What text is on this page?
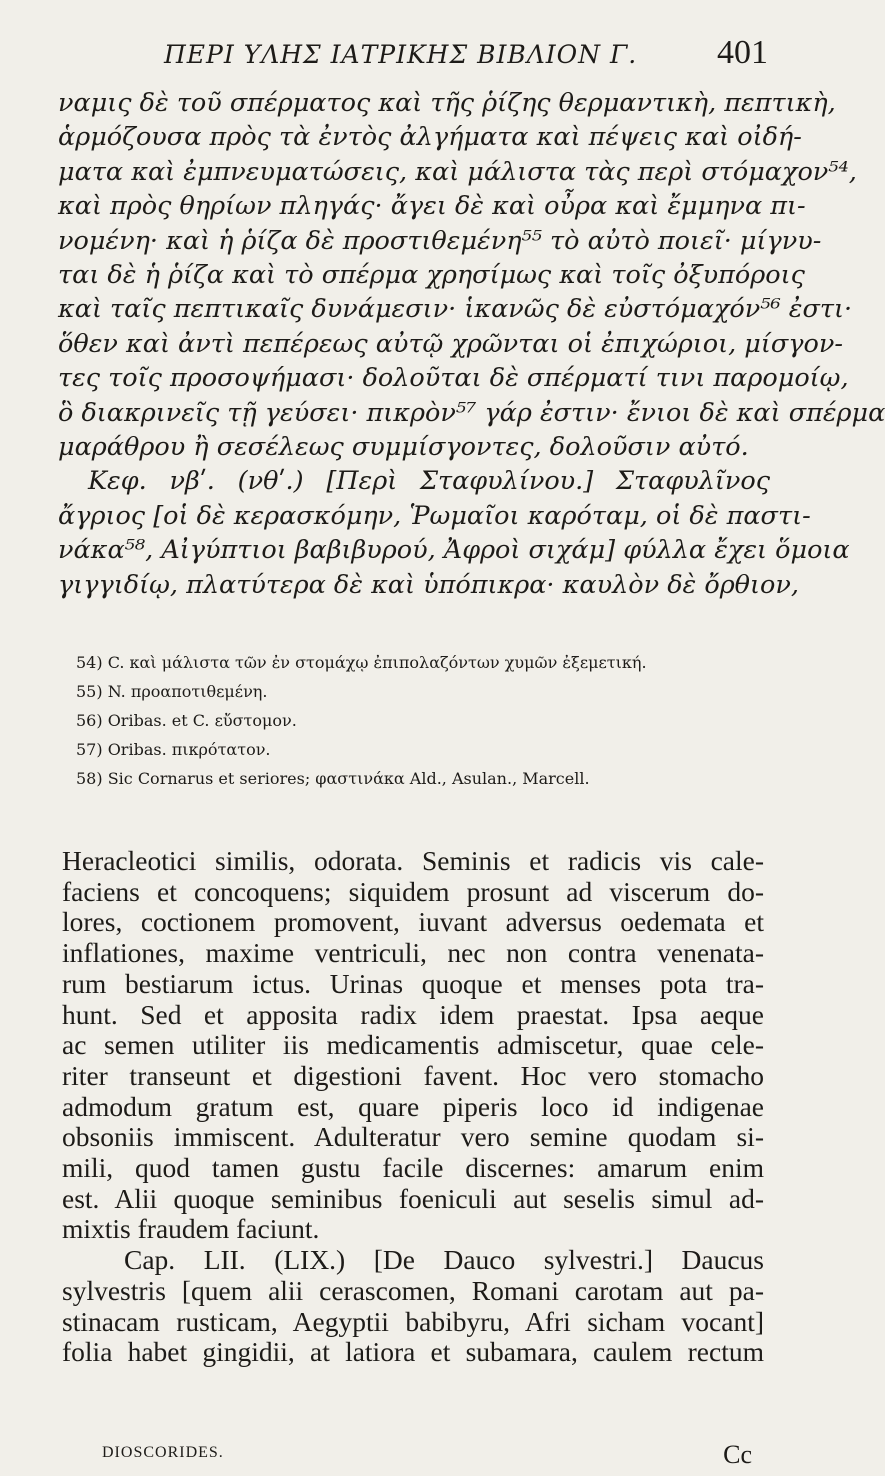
ΠΕΡΙ ΥΛΗΣ ΙΑΤΡΙΚΗΣ ΒΙΒΛΙΟΝ Γ. 401
ναμις δὲ τοῦ σπέρματος καὶ τῆς ῥίζης θερμαντικὴ, πεπτικὴ,
ἁρμόζουσα πρὸς τὰ ἐντὸς ἀλγήματα καὶ πέψεις καὶ οἰδή-
ματα καὶ ἐμπνευματώσεις, καὶ μάλιστα τὰς περὶ στόμαχον⁵⁴,
καὶ πρὸς θηρίων πληγάς· ἄγει δὲ καὶ οὖρα καὶ ἔμμηνα πι-
νομένη· καὶ ἡ ῥίζα δὲ προστιθεμένη⁵⁵ τὸ αὐτὸ ποιεῖ· μίγνυ-
ται δὲ ἡ ῥίζα καὶ τὸ σπέρμα χρησίμως καὶ τοῖς ὀξυπόροις
καὶ ταῖς πεπτικαῖς δυνάμεσιν· ἱκανῶς δὲ εὐστόμαχόν⁵⁶ ἐστι·
ὅθεν καὶ ἀντὶ πεπέρεως αὐτῷ χρῶνται οἱ ἐπιχώριοι, μίσγον-
τες τοῖς προσοψήμασι· δολοῦται δὲ σπέρματί τινι παρομοίῳ,
ὃ διακρινεῖς τῇ γεύσει· πικρὸν⁵⁷ γάρ ἐστιν· ἔνιοι δὲ καὶ σπέρμα
μαράθρου ἢ σεσέλεως συμμίσγοντες, δολοῦσιν αὐτό.
Κεφ. νβʹ. (νθʹ.) [Περὶ Σταφυλίνου.] Σταφυλῖνος
ἄγριος [οἱ δὲ κερασκόμην, Ῥωμαῖοι καρόταμ, οἱ δὲ παστι-
νάκα⁵⁸, Αἰγύπτιοι βαβιβυρού, Ἀφροὶ σιχάμ] φύλλα ἔχει ὅμοια
γιγγιδίῳ, πλατύτερα δὲ καὶ ὑπόπικρα· καυλὸν δὲ ὄρθιον,
54) C. καὶ μάλιστα τῶν ἐν στομάχῳ ἐπιπολαζόντων χυμῶν ἐξεμετική.
55) N. προαποτιθεμένη.
56) Oribas. et C. εὔστομον.
57) Oribas. πικρότατον.
58) Sic Cornarus et seriores; φαστινάκα Ald., Asulan., Marcell.
Heracleotici similis, odorata. Seminis et radicis vis cale-
faciens et concoquens; siquidem prosunt ad viscerum do-
lores, coctionem promovent, iuvant adversus oedemata et
inflationes, maxime ventriculi, nec non contra venenata-
rum bestiarum ictus. Urinas quoque et menses pota tra-
hunt. Sed et apposita radix idem praestat. Ipsa aeque
ac semen utiliter iis medicamentis admiscetur, quae cele-
riter transeunt et digestioni favent. Hoc vero stomacho
admodum gratum est, quare piperis loco id indigenae
obsoniis immiscent. Adulteratur vero semine quodam si-
mili, quod tamen gustu facile discernes: amarum enim
est. Alii quoque seminibus foeniculi aut seselis simul ad-
mixtis fraudem faciunt.
Cap. LII. (LIX.) [De Dauco sylvestri.] Daucus
sylvestris [quem alii cerascomen, Romani carotam aut pa-
stinacam rusticam, Aegyptii babibyru, Afri sicham vocant]
folia habet gingidii, at latiora et subamara, caulem rectum
DIOSCORIDES.	Cc
